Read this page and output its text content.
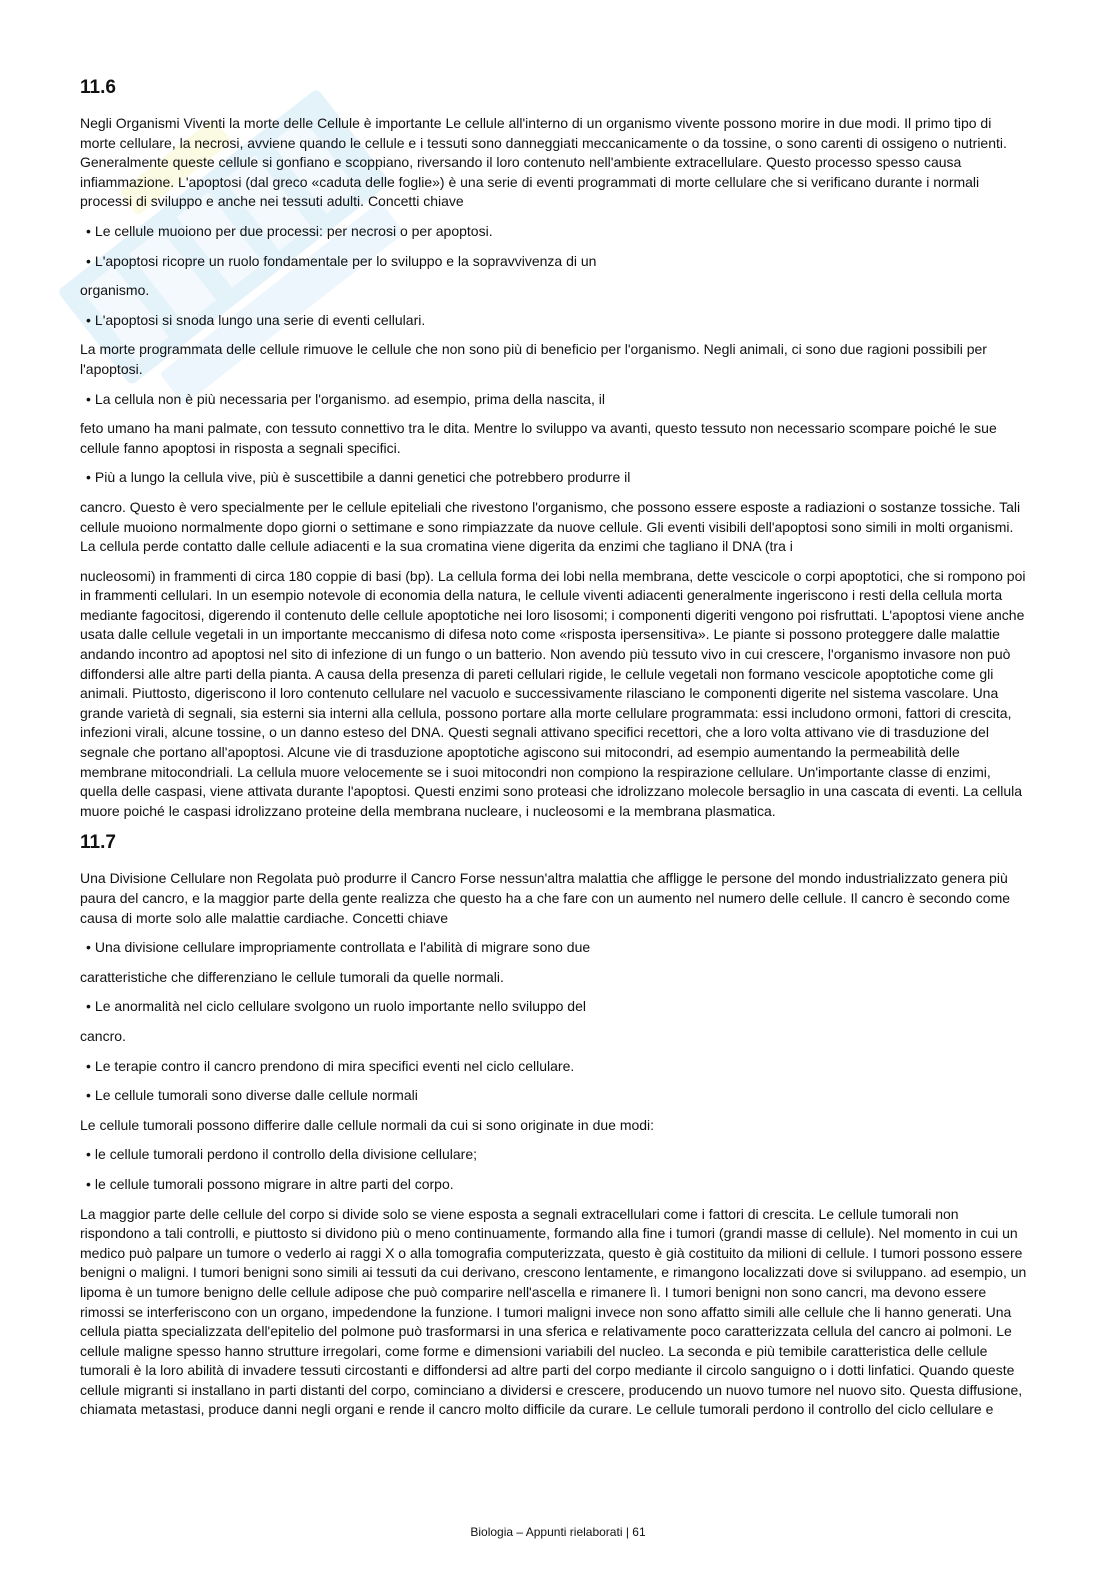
11.6

Negli Organismi Viventi la morte delle Cellule è importante Le cellule all'interno di un organismo vivente possono morire in due modi. Il primo tipo di morte cellulare, la necrosi, avviene quando le cellule e i tessuti sono danneggiati meccanicamente o da tossine, o sono carenti di ossigeno o nutrienti. Generalmente queste cellule si gonfiano e scoppiano, riversando il loro contenuto nell'ambiente extracellulare. Questo processo spesso causa infiammazione. L'apoptosi (dal greco «caduta delle foglie») è una serie di eventi programmati di morte cellulare che si verificano durante i normali processi di sviluppo e anche nei tessuti adulti. Concetti chiave

• Le cellule muoiono per due processi: per necrosi o per apoptosi.

• L'apoptosi ricopre un ruolo fondamentale per lo sviluppo e la sopravvivenza di un

organismo.

• L'apoptosi si snoda lungo una serie di eventi cellulari.

La morte programmata delle cellule rimuove le cellule che non sono più di beneficio per l'organismo. Negli animali, ci sono due ragioni possibili per l'apoptosi.

• La cellula non è più necessaria per l'organismo. ad esempio, prima della nascita, il

feto umano ha mani palmate, con tessuto connettivo tra le dita. Mentre lo sviluppo va avanti, questo tessuto non necessario scompare poiché le sue cellule fanno apoptosi in risposta a segnali specifici.

• Più a lungo la cellula vive, più è suscettibile a danni genetici che potrebbero produrre il

cancro. Questo è vero specialmente per le cellule epiteliali che rivestono l'organismo, che possono essere esposte a radiazioni o sostanze tossiche. Tali cellule muoiono normalmente dopo giorni o settimane e sono rimpiazzate da nuove cellule. Gli eventi visibili dell'apoptosi sono simili in molti organismi. La cellula perde contatto dalle cellule adiacenti e la sua cromatina viene digerita da enzimi che tagliano il DNA (tra i

nucleosomi) in frammenti di circa 180 coppie di basi (bp). La cellula forma dei lobi nella membrana, dette vescicole o corpi apoptotici, che si rompono poi in frammenti cellulari. In un esempio notevole di economia della natura, le cellule viventi adiacenti generalmente ingeriscono i resti della cellula morta mediante fagocitosi, digerendo il contenuto delle cellule apoptotiche nei loro lisosomi; i componenti digeriti vengono poi risfruttati. L'apoptosi viene anche usata dalle cellule vegetali in un importante meccanismo di difesa noto come «risposta ipersensitiva». Le piante si possono proteggere dalle malattie andando incontro ad apoptosi nel sito di infezione di un fungo o un batterio. Non avendo più tessuto vivo in cui crescere, l'organismo invasore non può diffondersi alle altre parti della pianta. A causa della presenza di pareti cellulari rigide, le cellule vegetali non formano vescicole apoptotiche come gli animali. Piuttosto, digeriscono il loro contenuto cellulare nel vacuolo e successivamente rilasciano le componenti digerite nel sistema vascolare. Una grande varietà di segnali, sia esterni sia interni alla cellula, possono portare alla morte cellulare programmata: essi includono ormoni, fattori di crescita, infezioni virali, alcune tossine, o un danno esteso del DNA. Questi segnali attivano specifici recettori, che a loro volta attivano vie di trasduzione del segnale che portano all'apoptosi. Alcune vie di trasduzione apoptotiche agiscono sui mitocondri, ad esempio aumentando la permeabilità delle membrane mitocondriali. La cellula muore velocemente se i suoi mitocondri non compiono la respirazione cellulare. Un'importante classe di enzimi, quella delle caspasi, viene attivata durante l'apoptosi. Questi enzimi sono proteasi che idrolizzano molecole bersaglio in una cascata di eventi. La cellula muore poiché le caspasi idrolizzano proteine della membrana nucleare, i nucleosomi e la membrana plasmatica.

11.7

Una Divisione Cellulare non Regolata può produrre il Cancro Forse nessun'altra malattia che affligge le persone del mondo industrializzato genera più paura del cancro, e la maggior parte della gente realizza che questo ha a che fare con un aumento nel numero delle cellule. Il cancro è secondo come causa di morte solo alle malattie cardiache. Concetti chiave

• Una divisione cellulare impropriamente controllata e l'abilità di migrare sono due

caratteristiche che differenziano le cellule tumorali da quelle normali.

• Le anormalità nel ciclo cellulare svolgono un ruolo importante nello sviluppo del

cancro.

• Le terapie contro il cancro prendono di mira specifici eventi nel ciclo cellulare.

• Le cellule tumorali sono diverse dalle cellule normali

Le cellule tumorali possono differire dalle cellule normali da cui si sono originate in due modi:

• le cellule tumorali perdono il controllo della divisione cellulare;

• le cellule tumorali possono migrare in altre parti del corpo.

La maggior parte delle cellule del corpo si divide solo se viene esposta a segnali extracellulari come i fattori di crescita. Le cellule tumorali non rispondono a tali controlli, e piuttosto si dividono più o meno continuamente, formando alla fine i tumori (grandi masse di cellule). Nel momento in cui un medico può palpare un tumore o vederlo ai raggi X o alla tomografia computerizzata, questo è già costituito da milioni di cellule. I tumori possono essere benigni o maligni. I tumori benigni sono simili ai tessuti da cui derivano, crescono lentamente, e rimangono localizzati dove si sviluppano. ad esempio, un lipoma è un tumore benigno delle cellule adipose che può comparire nell'ascella e rimanere lì. I tumori benigni non sono cancri, ma devono essere rimossi se interferiscono con un organo, impedendone la funzione. I tumori maligni invece non sono affatto simili alle cellule che li hanno generati. Una cellula piatta specializzata dell'epitelio del polmone può trasformarsi in una sferica e relativamente poco caratterizzata cellula del cancro ai polmoni. Le cellule maligne spesso hanno strutture irregolari, come forme e dimensioni variabili del nucleo. La seconda e più temibile caratteristica delle cellule tumorali è la loro abilità di invadere tessuti circostanti e diffondersi ad altre parti del corpo mediante il circolo sanguigno o i dotti linfatici. Quando queste cellule migranti si installano in parti distanti del corpo, cominciano a dividersi e crescere, producendo un nuovo tumore nel nuovo sito. Questa diffusione, chiamata metastasi, produce danni negli organi e rende il cancro molto difficile da curare. Le cellule tumorali perdono il controllo del ciclo cellulare e

Biologia – Appunti rielaborati | 61
